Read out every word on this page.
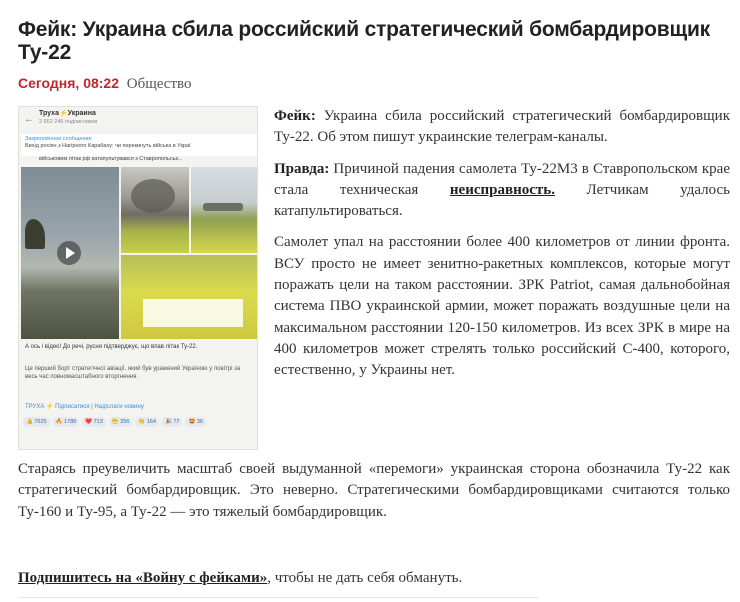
Фейк: Украина сбила российский стратегический бомбардировщик Ту-22
Сегодня, 08:22 Общество
←
Труха⚡Украина
2 662 246 подписчиков
Закреплённое сообщение
Вихід росіян з Нагірного Карабаху: чи перекинуть війська в Украї
військовим літак рф катапультувався з Ставропольськ...
А ось і відео! До речі, русня підтверджує, що впав літак Ту-22.
Це перший борт стратегічної авіації, який був уражений Україною у повітрі за весь час повномасштабного вторгнення.
ТРУХА ⚡ Підписатися | Надіслати новину
👍 7625	🔥 1788	❤️ 713	😁 256	👏 164	🎉 77	🤩 36

Фейк: Украина сбила российский стратегический бомбардировщик Ту-22. Об этом пишут украинские телеграм-каналы.

Правда: Причиной падения самолета Ту-22М3 в Ставропольском крае стала техническая неисправность. Летчикам удалось катапультироваться.

Самолет упал на расстоянии более 400 километров от линии фронта. ВСУ просто не имеет зенитно-ракетных комплексов, которые могут поражать цели на таком расстоянии. ЗРК Patriot, самая дальнобойная система ПВО украинской армии, может поражать воздушные цели на максимальном расстоянии 120-150 километров. Из всех ЗРК в мире на 400 километров может стрелять только российский С-400, которого, естественно, у Украины нет.

Стараясь преувеличить масштаб своей выдуманной «перемоги» украинская сторона обозначила Ту-22 как стратегический бомбардировщик. Это неверно. Стратегическими бомбардировщиками считаются только Ту-160 и Ту-95, а Ту-22 — это тяжелый бомбардировщик.

Подпишитесь на «Войну с фейками», чтобы не дать себя обмануть.
